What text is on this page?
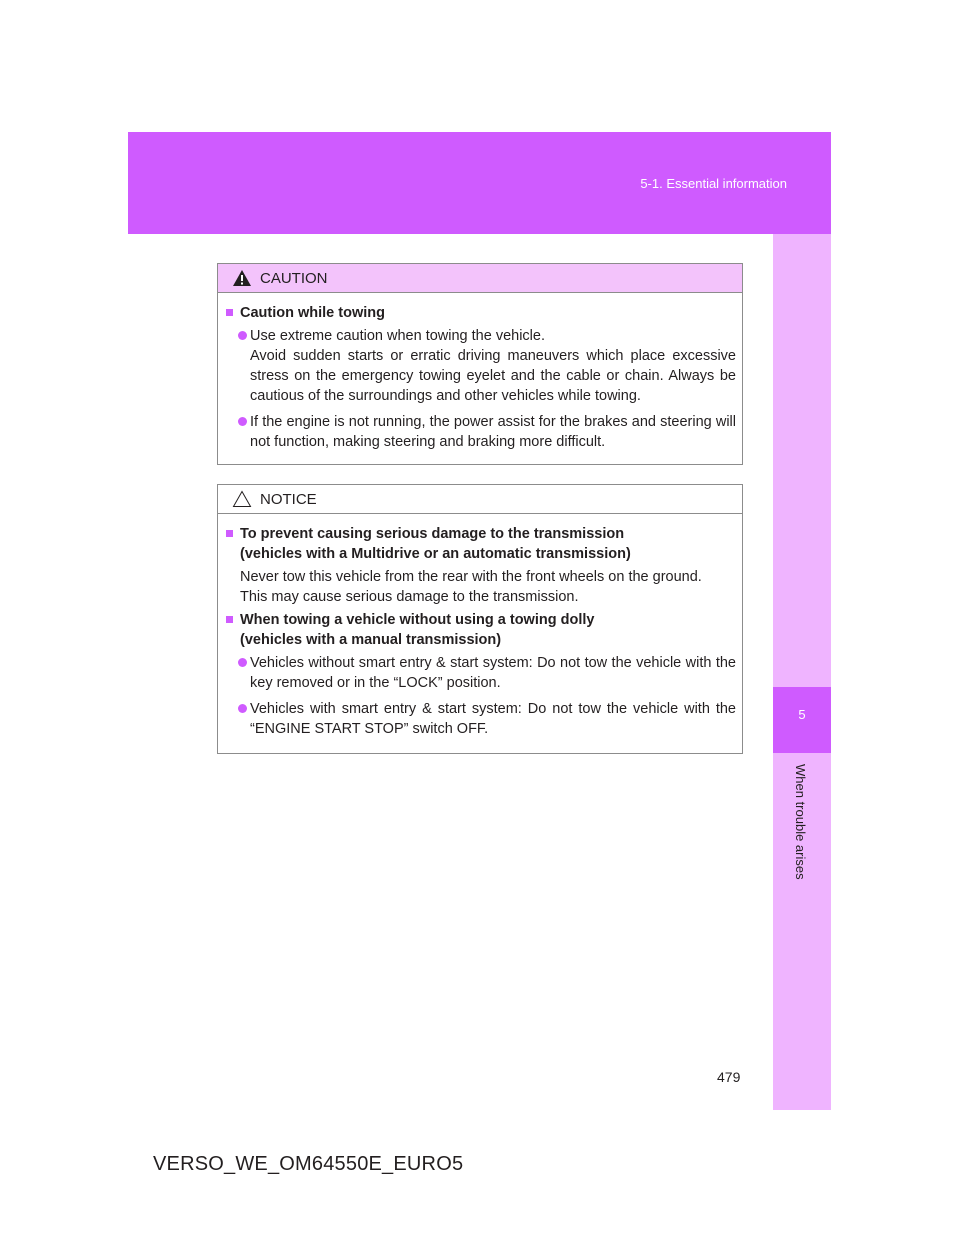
5-1. Essential information
5
When trouble arises
CAUTION
Caution while towing
Use extreme caution when towing the vehicle.
Avoid sudden starts or erratic driving maneuvers which place excessive stress on the emergency towing eyelet and the cable or chain. Always be cautious of the surroundings and other vehicles while towing.
If the engine is not running, the power assist for the brakes and steering will not function, making steering and braking more difficult.
NOTICE
To prevent causing serious damage to the transmission
(vehicles with a Multidrive or an automatic transmission)
Never tow this vehicle from the rear with the front wheels on the ground.
This may cause serious damage to the transmission.
When towing a vehicle without using a towing dolly
(vehicles with a manual transmission)
Vehicles without smart entry & start system: Do not tow the vehicle with the key removed or in the “LOCK” position.
Vehicles with smart entry & start system: Do not tow the vehicle with the “ENGINE START STOP” switch OFF.
479
VERSO_WE_OM64550E_EURO5
